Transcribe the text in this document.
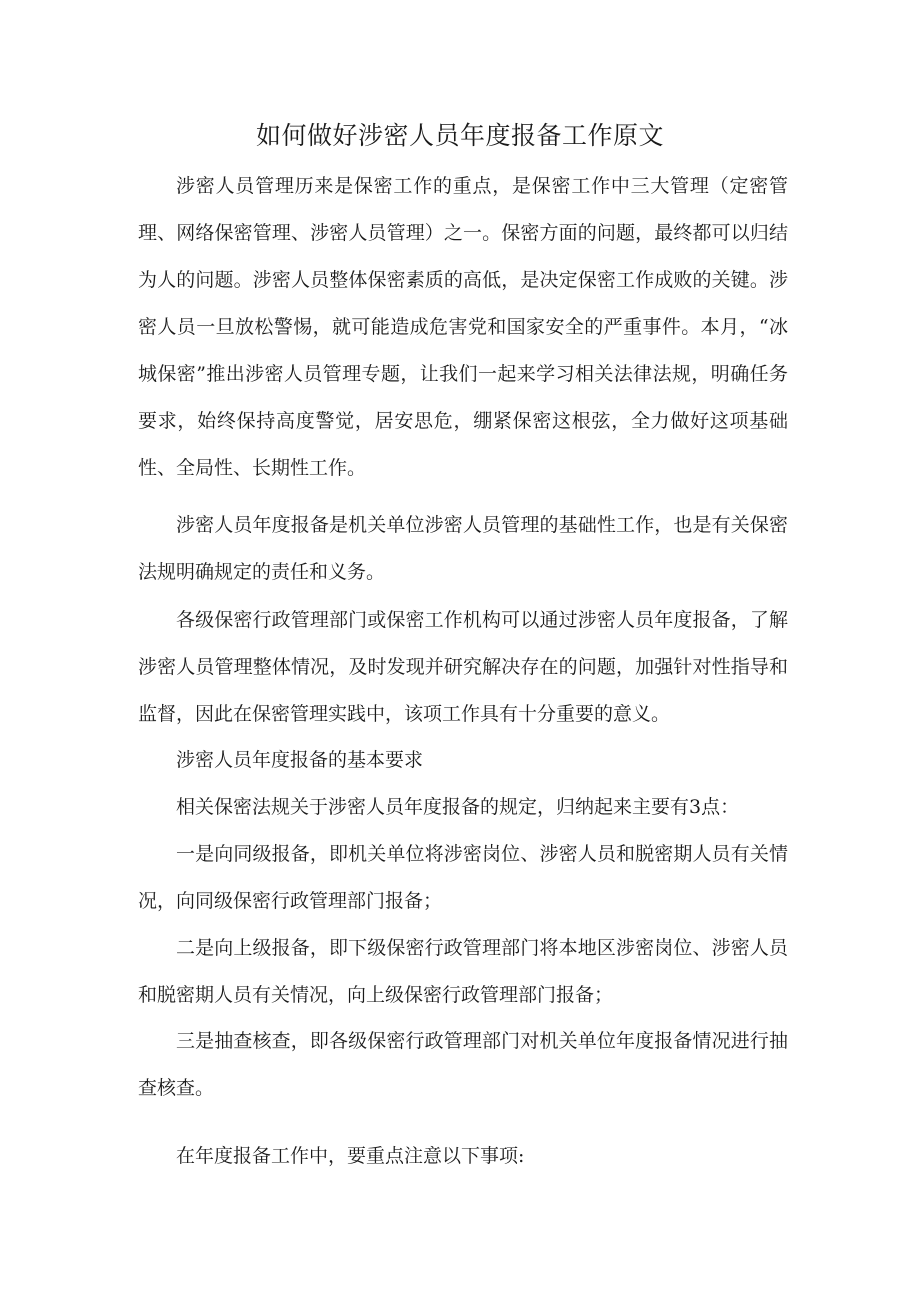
如何做好涉密人员年度报备工作原文

涉密人员管理历来是保密工作的重点，是保密工作中三大管理（定密管理、网络保密管理、涉密人员管理）之一。保密方面的问题，最终都可以归结为人的问题。涉密人员整体保密素质的高低，是决定保密工作成败的关键。涉密人员一旦放松警惕，就可能造成危害党和国家安全的严重事件。本月，“冰城保密”推出涉密人员管理专题，让我们一起来学习相关法律法规，明确任务要求，始终保持高度警觉，居安思危，绷紧保密这根弦，全力做好这项基础性、全局性、长期性工作。

涉密人员年度报备是机关单位涉密人员管理的基础性工作，也是有关保密法规明确规定的责任和义务。

各级保密行政管理部门或保密工作机构可以通过涉密人员年度报备，了解涉密人员管理整体情况，及时发现并研究解决存在的问题，加强针对性指导和监督，因此在保密管理实践中，该项工作具有十分重要的意义。

涉密人员年度报备的基本要求

相关保密法规关于涉密人员年度报备的规定，归纳起来主要有3点：

一是向同级报备，即机关单位将涉密岗位、涉密人员和脱密期人员有关情况，向同级保密行政管理部门报备；

二是向上级报备，即下级保密行政管理部门将本地区涉密岗位、涉密人员和脱密期人员有关情况，向上级保密行政管理部门报备；

三是抽查核查，即各级保密行政管理部门对机关单位年度报备情况进行抽查核查。

在年度报备工作中，要重点注意以下事项:
